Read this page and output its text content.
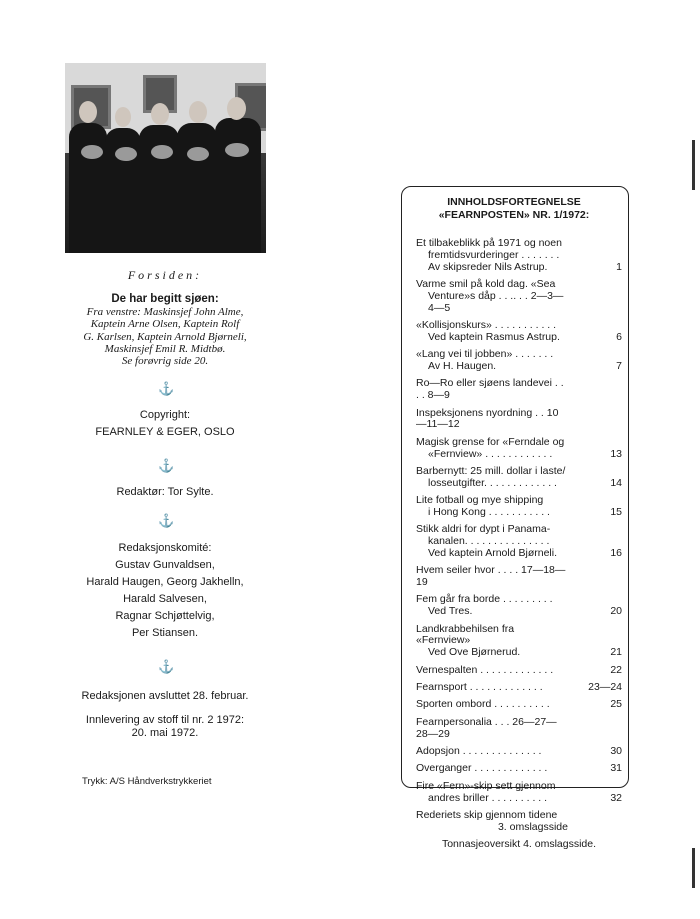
Forsiden:
De har begitt sjøen:
Fra venstre: Maskinsjef John Alme,
Kaptein Arne Olsen, Kaptein Rolf
G. Karlsen, Kaptein Arnold Bjørneli,
Maskinsjef Emil R. Midtbø.
Se forøvrig side 20.
⚓
Copyright:
FEARNLEY & EGER, OSLO
⚓
Redaktør: Tor Sylte.
⚓
Redaksjonskomité:
Gustav Gunvaldsen,
Harald Haugen, Georg Jakhelln,
Harald Salvesen,
Ragnar Schjøttelvig,
Per Stiansen.
⚓
Redaksjonen avsluttet 28. februar.
Innlevering av stoff til nr. 2 1972:
20. mai 1972.
Trykk: A/S Håndverkstrykkeriet
INNHOLDSFORTEGNELSE
«FEARNPOSTEN» NR. 1/1972:
Et tilbakeblikk på 1971 og noen
fremtidsvurderinger . . . . . . .
Av skipsreder Nils Astrup.	1
Varme smil på kold dag. «Sea
Venture»s dåp . . .. . . 2—3—4—5
«Kollisjonskurs» . . . . . . . . . . .
Ved kaptein Rasmus Astrup.	6
«Lang vei til jobben» . . . . . . .
Av H. Haugen.	7
Ro—Ro eller sjøens landevei . . . . 8—9
Inspeksjonens nyordning . . 10—11—12
Magisk grense for «Ferndale og
«Fernview» . . . . . . . . . . . .	13
Barbernytt: 25 mill. dollar i laste/
losseutgifter. . . . . . . . . . . . .	14
Lite fotball og mye shipping
i Hong Kong . . . . . . . . . . .	15
Stikk aldri for dypt i Panama-
kanalen. . . . . . . . . . . . . . .
Ved kaptein Arnold Bjørneli.	16
Hvem seiler hvor . . . . 17—18—19
Fem går fra borde . . . . . . . . .
Ved Tres.	20
Landkrabbehilsen fra «Fernview»
Ved Ove Bjørnerud.	21
Vernespalten . . . . . . . . . . . . .	22
Fearnsport . . . . . . . . . . . . .	23—24
Sporten ombord . . . . . . . . . .	25
Fearnpersonalia . . . 26—27—28—29
Adopsjon . . . . . . . . . . . . . .	30
Overganger . . . . . . . . . . . . .	31
Fire «Fern»-skip sett gjennom
andres briller . . . . . . . . . .	32
Rederiets skip gjennom tidene
3. omslagsside
Tonnasjeoversikt 4. omslagsside.
